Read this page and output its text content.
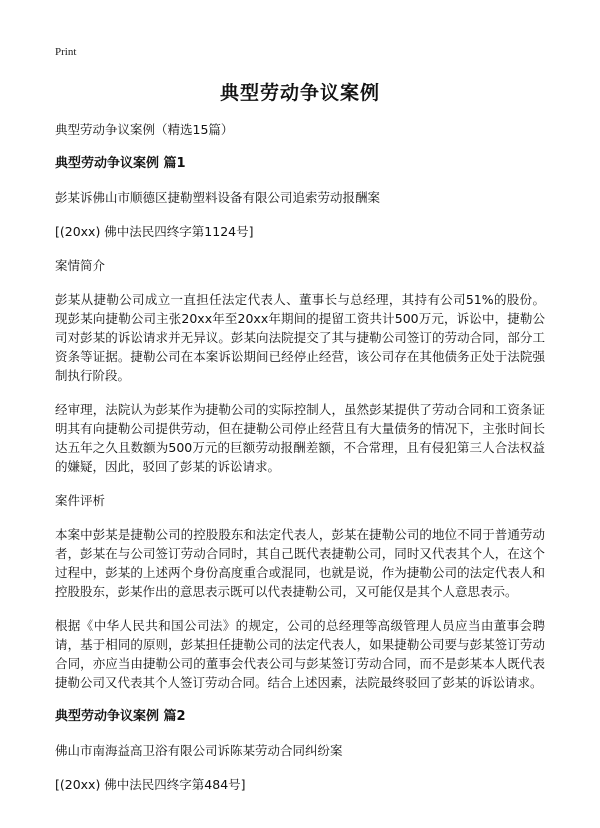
Print
典型劳动争议案例
典型劳动争议案例（精选15篇）
典型劳动争议案例 篇1
彭某诉佛山市顺德区捷勒塑料设备有限公司追索劳动报酬案
[(20xx) 佛中法民四终字第1124号]
案情简介
彭某从捷勒公司成立一直担任法定代表人、董事长与总经理，其持有公司51%的股份。现彭某向捷勒公司主张20xx年至20xx年期间的提留工资共计500万元，诉讼中，捷勒公司对彭某的诉讼请求并无异议。彭某向法院提交了其与捷勒公司签订的劳动合同，部分工资条等证据。捷勒公司在本案诉讼期间已经停止经营，该公司存在其他债务正处于法院强制执行阶段。
经审理，法院认为彭某作为捷勒公司的实际控制人，虽然彭某提供了劳动合同和工资条证明其有向捷勒公司提供劳动，但在捷勒公司停止经营且有大量债务的情况下，主张时间长达五年之久且数额为500万元的巨额劳动报酬差额，不合常理，且有侵犯第三人合法权益的嫌疑，因此，驳回了彭某的诉讼请求。
案件评析
本案中彭某是捷勒公司的控股股东和法定代表人，彭某在捷勒公司的地位不同于普通劳动者，彭某在与公司签订劳动合同时，其自己既代表捷勒公司，同时又代表其个人，在这个过程中，彭某的上述两个身份高度重合或混同，也就是说，作为捷勒公司的法定代表人和控股股东，彭某作出的意思表示既可以代表捷勒公司，又可能仅是其个人意思表示。
根据《中华人民共和国公司法》的规定，公司的总经理等高级管理人员应当由董事会聘请，基于相同的原则，彭某担任捷勒公司的法定代表人，如果捷勒公司要与彭某签订劳动合同，亦应当由捷勒公司的董事会代表公司与彭某签订劳动合同，而不是彭某本人既代表捷勒公司又代表其个人签订劳动合同。结合上述因素，法院最终驳回了彭某的诉讼请求。
典型劳动争议案例 篇2
佛山市南海益高卫浴有限公司诉陈某劳动合同纠纷案
[(20xx) 佛中法民四终字第484号]
